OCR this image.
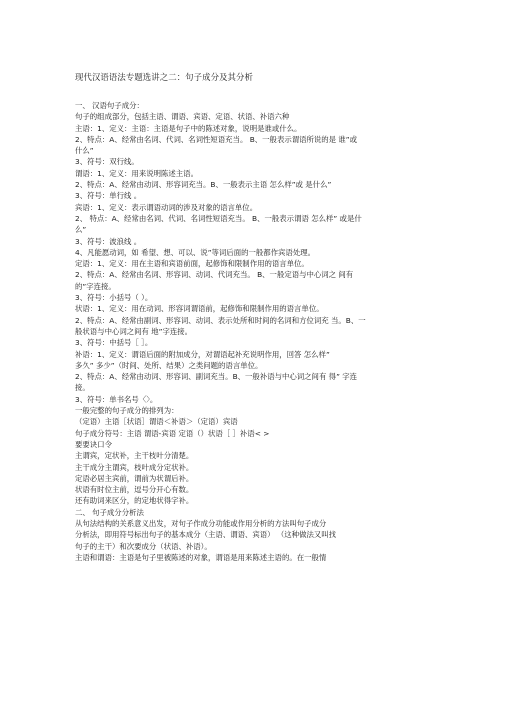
现代汉语语法专题选讲之二：句子成分及其分析
一、 汉语句子成分：
句子的组成部分，包括主语、谓语、宾语、定语、状语、补语六种
主语：1、定义：主语：主语是句子中的陈述对象，说明是谁或什么。
2、特点：A、经常由名词、代词、名词性短语充当。 B、一般表示谓语所说的是 谁”或
什么”
3、符号：双行线。
谓语：1、定义：用来说明陈述主语。
2、特点：A、经常由动词、形容词充当。B、一般表示主语 怎么样”或 是什么”
3、符号：单行线 。
宾语：1、定义：表示谓语动词的涉及对象的语言单位。
2、 特点：A、经常由名词、代词、名词性短语充当。 B、一般表示谓语 怎么样” 或是什
么”
3、符号：波浪线 。
4、凡能愿动词，如 希望、想、可以、说”等词后面的一般都作宾语处理。
定语：1、定义：用在主语和宾语前面，起修饰和限制作用的语言单位。
2、特点：A、经常由名词、形容词、动词、代词充当。 B、一般定语与中心词之 间有
的”字连接。
3、符号：小括号（ ）。
状语：1、定义：用在动词、形容词谓语前，起修饰和限制作用的语言单位。
2、特点：A、经常由副词、形容词、动词、表示处所和时间的名词和方位词充 当。B、一
般状语与中心词之间有 地”字连接。
3、符号：中括号［ ］。
补语：1、定义：谓语后面的附加成分，对谓语起补充说明作用，回答 怎么样”
多久” 多少”（时间、处所、结果）之类问题的语言单位。
2、特点：A、经常由动词、形容词、副词充当。B、一般补语与中心词之间有 得” 字连
接。
3、符号：单书名号〈〉。
一般完整的句子成分的排列为：
（定语）主语［状语］谓语＜补语＞（定语）宾语
句子成分符号：主语 谓语-宾语 定语（）状语［ ］补语< >
要要诀口令
主谓宾，定状补，主干枝叶分清楚。
主干成分主谓宾，枝叶成分定状补。
定语必居主宾前，谓前为状谓后补。
状语有时位主前，逗号分开心有数。
还有助词来区分，的定地状得字补。
二、 句子成分分析法
从句法结构的关系意义出发，对句子作成分功能或作用分析的方法叫句子成分
分析法，即用符号标出句子的基本成分（主语、谓语、宾语） （这种做法又叫找
句子的主干）和次要成分（状语、补语）。
主语和谓语：主语是句子里被陈述的对象，谓语是用来陈述主语的。在一般情
